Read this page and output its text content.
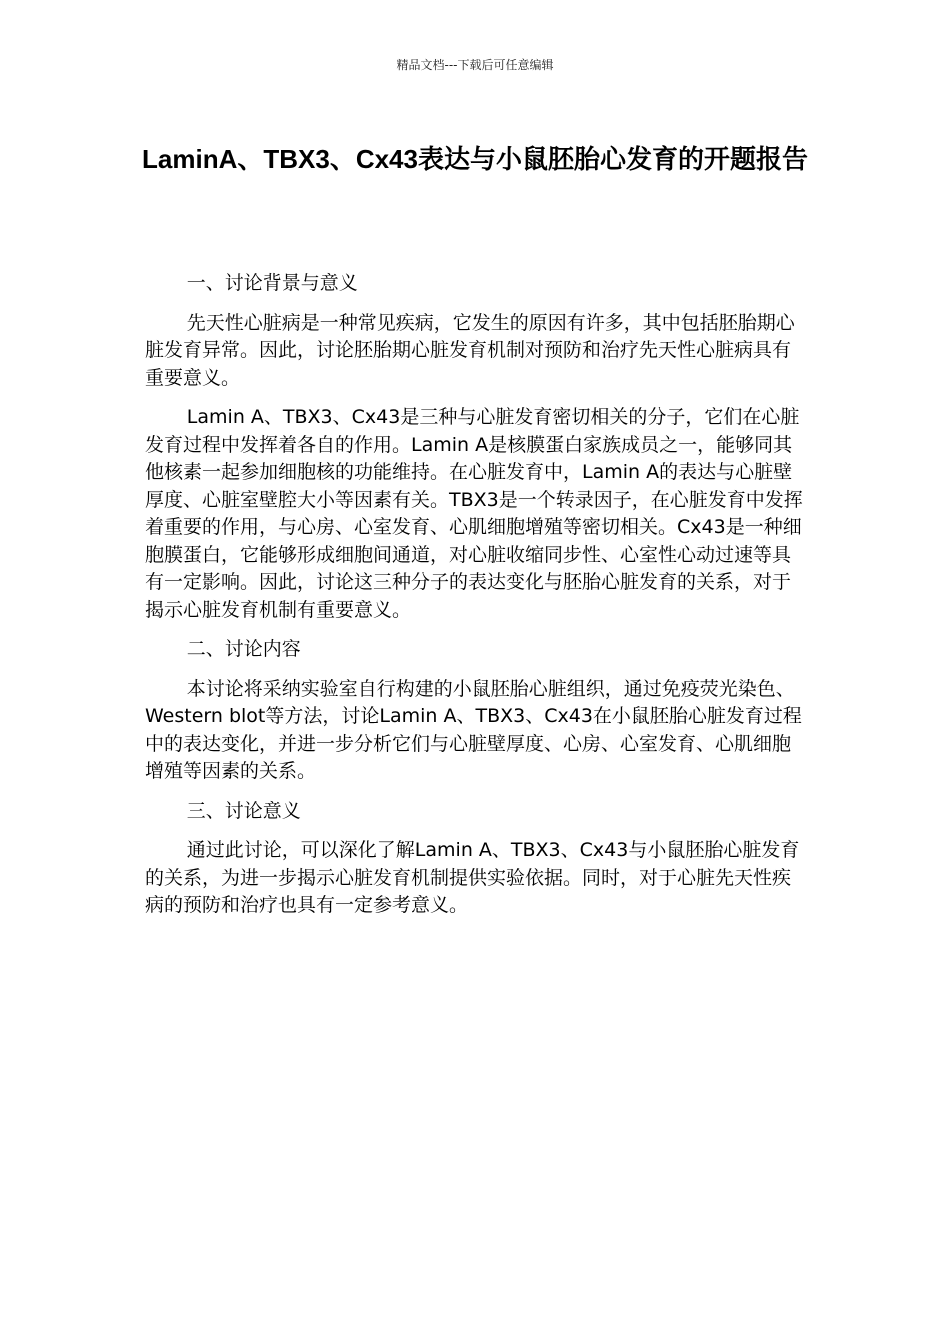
精品文档---下载后可任意编辑
LaminA、TBX3、Cx43表达与小鼠胚胎心发育的开题报告

一、讨论背景与意义

先天性心脏病是一种常见疾病，它发生的原因有许多，其中包括胚胎期心脏发育异常。因此，讨论胚胎期心脏发育机制对预防和治疗先天性心脏病具有重要意义。

Lamin A、TBX3、Cx43是三种与心脏发育密切相关的分子，它们在心脏发育过程中发挥着各自的作用。Lamin A是核膜蛋白家族成员之一，能够同其他核素一起参加细胞核的功能维持。在心脏发育中，Lamin A的表达与心脏壁厚度、心脏室壁腔大小等因素有关。TBX3是一个转录因子，在心脏发育中发挥着重要的作用，与心房、心室发育、心肌细胞增殖等密切相关。Cx43是一种细胞膜蛋白，它能够形成细胞间通道，对心脏收缩同步性、心室性心动过速等具有一定影响。因此，讨论这三种分子的表达变化与胚胎心脏发育的关系，对于揭示心脏发育机制有重要意义。

二、讨论内容

本讨论将采纳实验室自行构建的小鼠胚胎心脏组织，通过免疫荧光染色、Western blot等方法，讨论Lamin A、TBX3、Cx43在小鼠胚胎心脏发育过程中的表达变化，并进一步分析它们与心脏壁厚度、心房、心室发育、心肌细胞增殖等因素的关系。

三、讨论意义

通过此讨论，可以深化了解Lamin A、TBX3、Cx43与小鼠胚胎心脏发育的关系，为进一步揭示心脏发育机制提供实验依据。同时，对于心脏先天性疾病的预防和治疗也具有一定参考意义。
